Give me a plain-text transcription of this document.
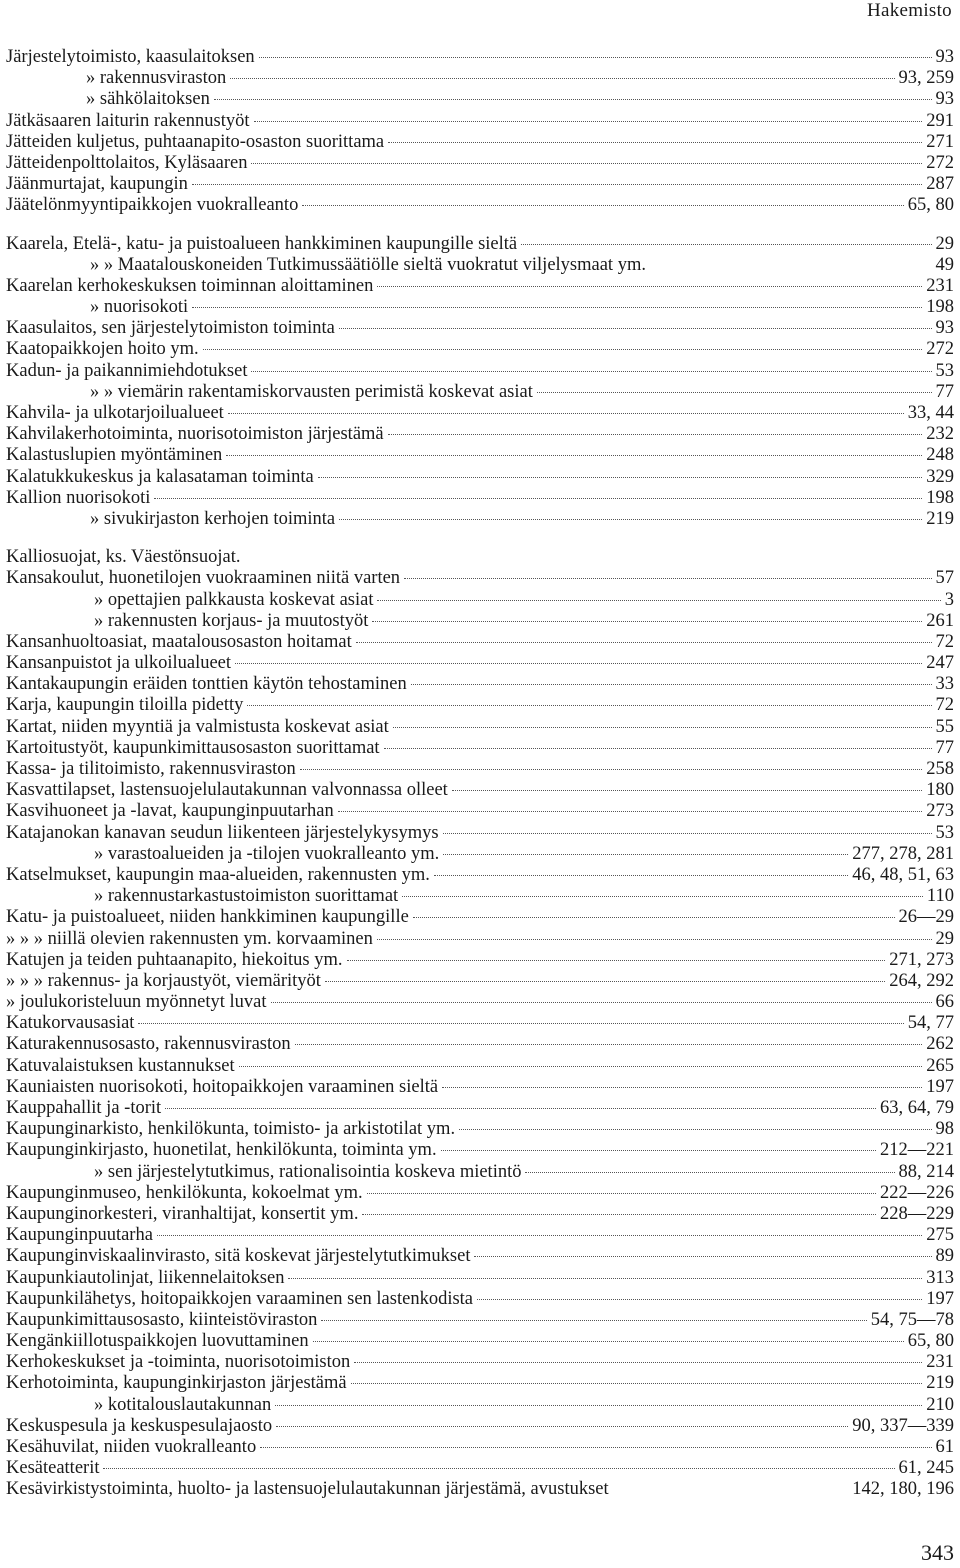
Hakemisto
Järjestelytoimisto, kaasulaitoksen	93
» rakennusviraston	93, 259
» sähkölaitoksen	93
Jätkäsaaren laiturin rakennustyöt	291
Jätteiden kuljetus, puhtaanapito-osaston suorittama	271
Jätteidenpolttolaitos, Kyläsaaren	272
Jäänmurtajat, kaupungin	287
Jäätelönmyyntipaikkojen vuokralleanto	65, 80
Kaarela, Etelä-, katu- ja puistoalueen hankkiminen kaupungille sieltä	29
» » Maatalouskoneiden Tutkimussäätiölle sieltä vuokratut viljelysmaat ym.	49
Kaarelan kerhokeskuksen toiminnan aloittaminen	231
» nuorisokoti	198
Kaasulaitos, sen järjestelytoimiston toiminta	93
Kaatopaikkojen hoito ym.	272
Kadun- ja paikannimiehdotukset	53
» » viemärin rakentamiskorvausten perimistä koskevat asiat	77
Kahvila- ja ulkotarjoilualueet	33, 44
Kahvilakerhotoiminta, nuorisotoimiston järjestämä	232
Kalastuslupien myöntäminen	248
Kalatukkukeskus ja kalasataman toiminta	329
Kallion nuorisokoti	198
» sivukirjaston kerhojen toiminta	219
Kalliosuojat, ks. Väestönsuojat.
Kansakoulut, huonetilojen vuokraaminen niitä varten	57
» opettajien palkkausta koskevat asiat	3
» rakennusten korjaus- ja muutostyöt	261
Kansanhuoltoasiat, maatalousosaston hoitamat	72
Kansanpuistot ja ulkoilualueet	247
Kantakaupungin eräiden tonttien käytön tehostaminen	33
Karja, kaupungin tiloilla pidetty	72
Kartat, niiden myyntiä ja valmistusta koskevat asiat	55
Kartoitustyöt, kaupunkimittausosaston suorittamat	77
Kassa- ja tilitoimisto, rakennusviraston	258
Kasvattilapset, lastensuojelulautakunnan valvonnassa olleet	180
Kasvihuoneet ja -lavat, kaupunginpuutarhan	273
Katajanokan kanavan seudun liikenteen järjestelykysymys	53
» varastoalueiden ja -tilojen vuokralleanto ym.	277, 278, 281
Katselmukset, kaupungin maa-alueiden, rakennusten ym.	46, 48, 51, 63
» rakennustarkastustoimiston suorittamat	110
Katu- ja puistoalueet, niiden hankkiminen kaupungille	26—29
» » » niillä olevien rakennusten ym. korvaaminen	29
Katujen ja teiden puhtaanapito, hiekoitus ym.	271, 273
» » » rakennus- ja korjaustyöt, viemärityöt	264, 292
» joulukoristeluun myönnetyt luvat	66
Katukorvausasiat	54, 77
Katurakennusosasto, rakennusviraston	262
Katuvalaistuksen kustannukset	265
Kauniaisten nuorisokoti, hoitopaikkojen varaaminen sieltä	197
Kauppahallit ja -torit	63, 64, 79
Kaupunginarkisto, henkilökunta, toimisto- ja arkistotilat ym.	98
Kaupunginkirjasto, huonetilat, henkilökunta, toiminta ym.	212—221
» sen järjestelytutkimus, rationalisointia koskeva mietintö	88, 214
Kaupunginmuseo, henkilökunta, kokoelmat ym.	222—226
Kaupunginorkesteri, viranhaltijat, konsertit ym.	228—229
Kaupunginpuutarha	275
Kaupunginviskaalinvirasto, sitä koskevat järjestelytutkimukset	89
Kaupunkiautolinjat, liikennelaitoksen	313
Kaupunkilähetys, hoitopaikkojen varaaminen sen lastenkodista	197
Kaupunkimittausosasto, kiinteistöviraston	54, 75—78
Kengänkiillotuspaikkojen luovuttaminen	65, 80
Kerhokeskukset ja -toiminta, nuorisotoimiston	231
Kerhotoiminta, kaupunginkirjaston järjestämä	219
» kotitalouslautakunnan	210
Keskuspesula ja keskuspesulajaosto	90, 337—339
Kesähuvilat, niiden vuokralleanto	61
Kesäteatterit	61, 245
Kesävirkistystoiminta, huolto- ja lastensuojelulautakunnan järjestämä, avustukset	142, 180, 196
343
